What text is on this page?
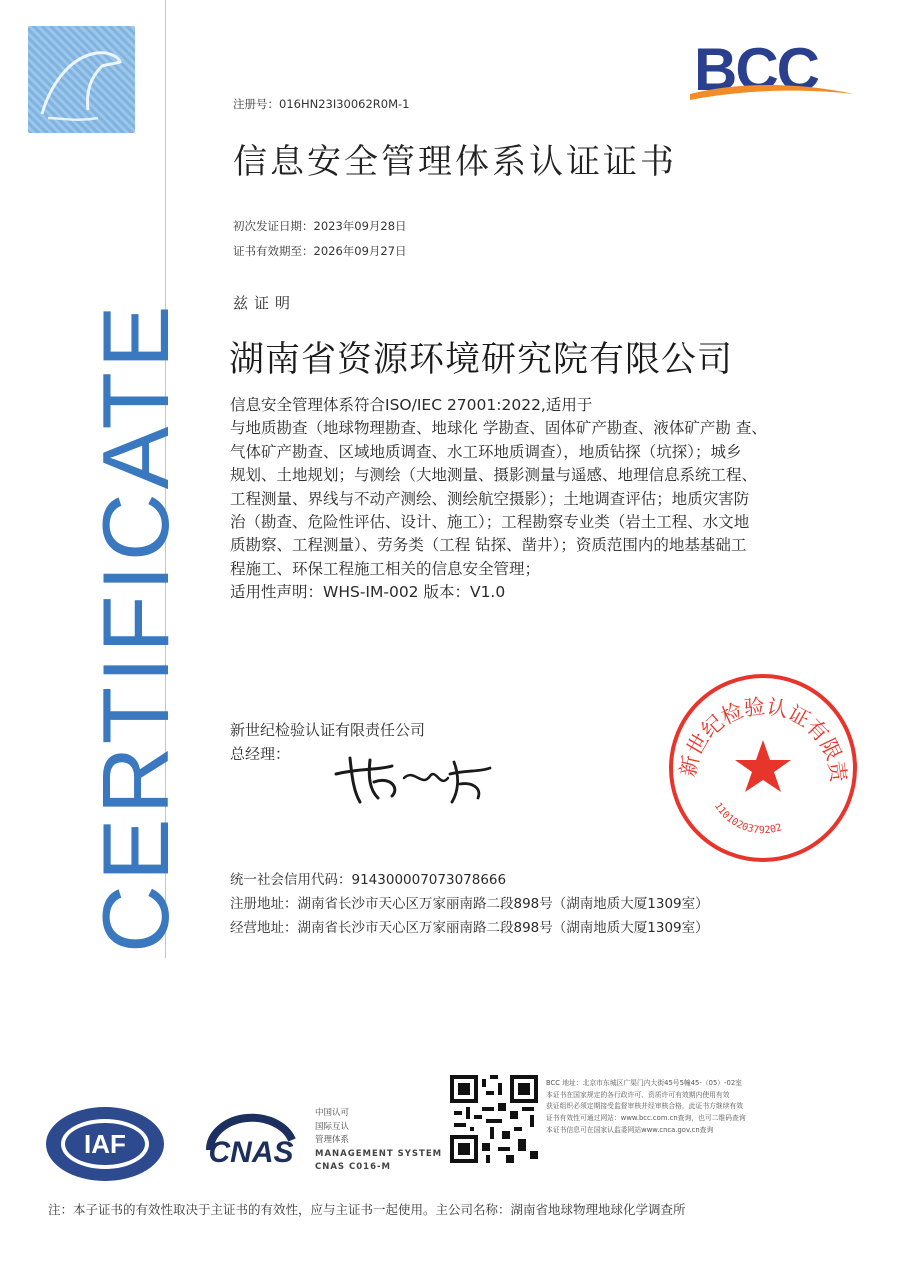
CERTIFICATE
BCC
注册号：016HN23I30062R0M-1
信息安全管理体系认证证书
初次发证日期：2023年09月28日
证书有效期至：2026年09月27日
兹证明
湖南省资源环境研究院有限公司
信息安全管理体系符合ISO/IEC 27001:2022,适用于
与地质勘查（地球物理勘查、地球化 学勘查、固体矿产勘查、液体矿产勘 查、
气体矿产勘查、区域地质调查、水工环地质调查），地质钻探（坑探）；城乡
规划、土地规划；与测绘（大地测量、摄影测量与遥感、地理信息系统工程、
工程测量、界线与不动产测绘、测绘航空摄影）；土地调查评估；地质灾害防
治（勘查、危险性评估、设计、施工）；工程勘察专业类（岩土工程、水文地
质勘察、工程测量）、劳务类（工程 钻探、凿井）；资质范围内的地基基础工
程施工、环保工程施工相关的信息安全管理；
适用性声明：WHS-IM-002 版本：V1.0
新世纪检验认证有限责任公司
总经理：	新世纪检验认证有限责
1101020379202
统一社会信用代码：914300007073078666
注册地址：湖南省长沙市天心区万家丽南路二段898号（湖南地质大厦1309室）
经营地址：湖南省长沙市天心区万家丽南路二段898号（湖南地质大厦1309室）
IAF	CNAS
中国认可
国际互认
管理体系
MANAGEMENT SYSTEM
CNAS C016-M
BCC 地址：北京市东城区广渠门内大街45号5幢45-（05）-02室
本证书在国家规定的各行政许可、资质许可有效期内使用有效
获证组织必须定期接受监督审核并经审核合格，此证书方继续有效
证书有效性可通过网站：www.bcc.com.cn查询，也可二维码查询
本证书信息可在国家认监委网站www.cnca.gov.cn查询
注：本子证书的有效性取决于主证书的有效性，应与主证书一起使用。主公司名称：湖南省地球物理地球化学调查所
